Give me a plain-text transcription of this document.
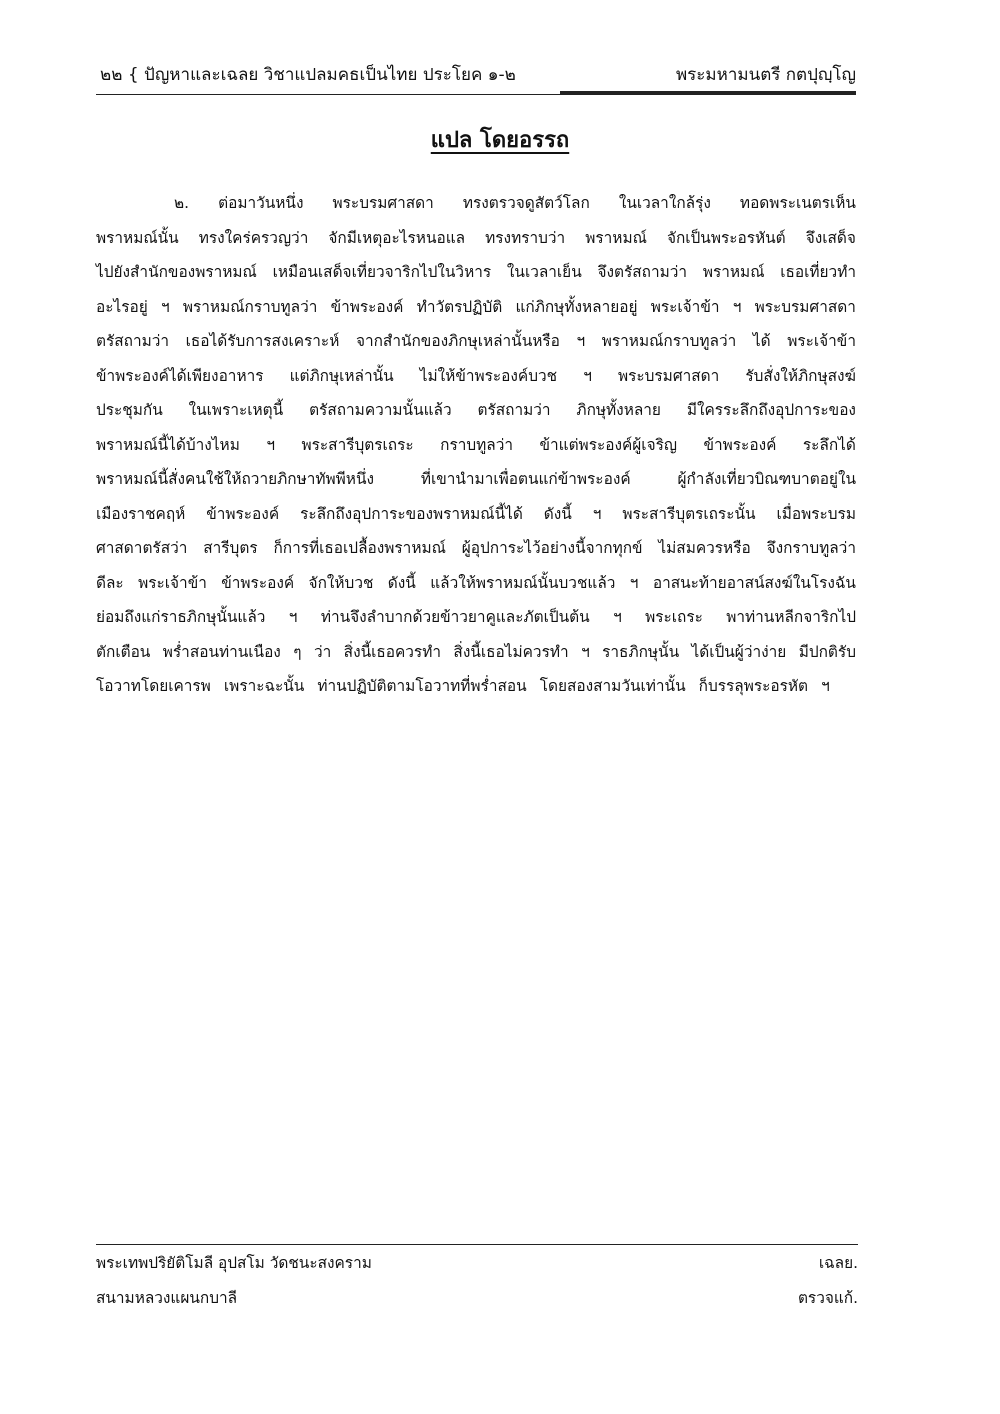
๒๒ { ปัญหาและเฉลย วิชาแปลมคธเป็นไทย ประโยค ๑-๒	พระมหามนตรี กตปุญฺโญ
แปล โดยอรรถ
๒. ต่อมาวันหนึ่ง พระบรมศาสดา ทรงตรวจดูสัตว์โลก ในเวลาใกล้รุ่ง ทอดพระเนตรเห็น
พราหมณ์นั้น ทรงใคร่ครวญว่า จักมีเหตุอะไรหนอแล ทรงทราบว่า พราหมณ์ จักเป็นพระอรหันต์ จึงเสด็จ
ไปยังสำนักของพราหมณ์ เหมือนเสด็จเที่ยวจาริกไปในวิหาร ในเวลาเย็น จึงตรัสถามว่า พราหมณ์ เธอเที่ยวทำ
อะไรอยู่ ฯ พราหมณ์กราบทูลว่า ข้าพระองค์ ทำวัตรปฏิบัติ แก่ภิกษุทั้งหลายอยู่ พระเจ้าข้า ฯ พระบรมศาสดา
ตรัสถามว่า เธอได้รับการสงเคราะห์ จากสำนักของภิกษุเหล่านั้นหรือ ฯ พราหมณ์กราบทูลว่า ได้ พระเจ้าข้า
ข้าพระองค์ได้เพียงอาหาร แต่ภิกษุเหล่านั้น ไม่ให้ข้าพระองค์บวช ฯ พระบรมศาสดา รับสั่งให้ภิกษุสงฆ์
ประชุมกัน ในเพราะเหตุนี้ ตรัสถามความนั้นแล้ว ตรัสถามว่า ภิกษุทั้งหลาย มีใครระลึกถึงอุปการะของ
พราหมณ์นี้ได้บ้างไหม ฯ พระสารีบุตรเถระ กราบทูลว่า ข้าแต่พระองค์ผู้เจริญ ข้าพระองค์ ระลึกได้
พราหมณ์นี้สั่งคนใช้ให้ถวายภิกษาทัพพีหนึ่ง	ที่เขานำมาเพื่อตนแก่ข้าพระองค์	ผู้กำลังเที่ยวบิณฑบาตอยู่ใน
เมืองราชคฤห์ ข้าพระองค์ ระลึกถึงอุปการะของพราหมณ์นี้ได้ ดังนี้ ฯ พระสารีบุตรเถระนั้น เมื่อพระบรม
ศาสดาตรัสว่า สารีบุตร ก็การที่เธอเปลื้องพราหมณ์ ผู้อุปการะไว้อย่างนี้จากทุกข์ ไม่สมควรหรือ จึงกราบทูลว่า
ดีละ พระเจ้าข้า ข้าพระองค์ จักให้บวช ดังนี้ แล้วให้พราหมณ์นั้นบวชแล้ว ฯ อาสนะท้ายอาสน์สงฆ์ในโรงฉัน
ย่อมถึงแก่ราธภิกษุนั้นแล้ว ฯ ท่านจึงลำบากด้วยข้าวยาคูและภัตเป็นต้น ฯ พระเถระ พาท่านหลีกจาริกไป
ตักเตือน พร่ำสอนท่านเนือง ๆ ว่า สิ่งนี้เธอควรทำ สิ่งนี้เธอไม่ควรทำ ฯ ราธภิกษุนั้น ได้เป็นผู้ว่าง่าย มีปกติรับ
โอวาทโดยเคารพ เพราะฉะนั้น ท่านปฏิบัติตามโอวาทที่พร่ำสอน โดยสองสามวันเท่านั้น ก็บรรลุพระอรหัต ฯ
พระเทพปริยัติโมลี อุปสโม วัดชนะสงคราม	เฉลย.
สนามหลวงแผนกบาลี	ตรวจแก้.
